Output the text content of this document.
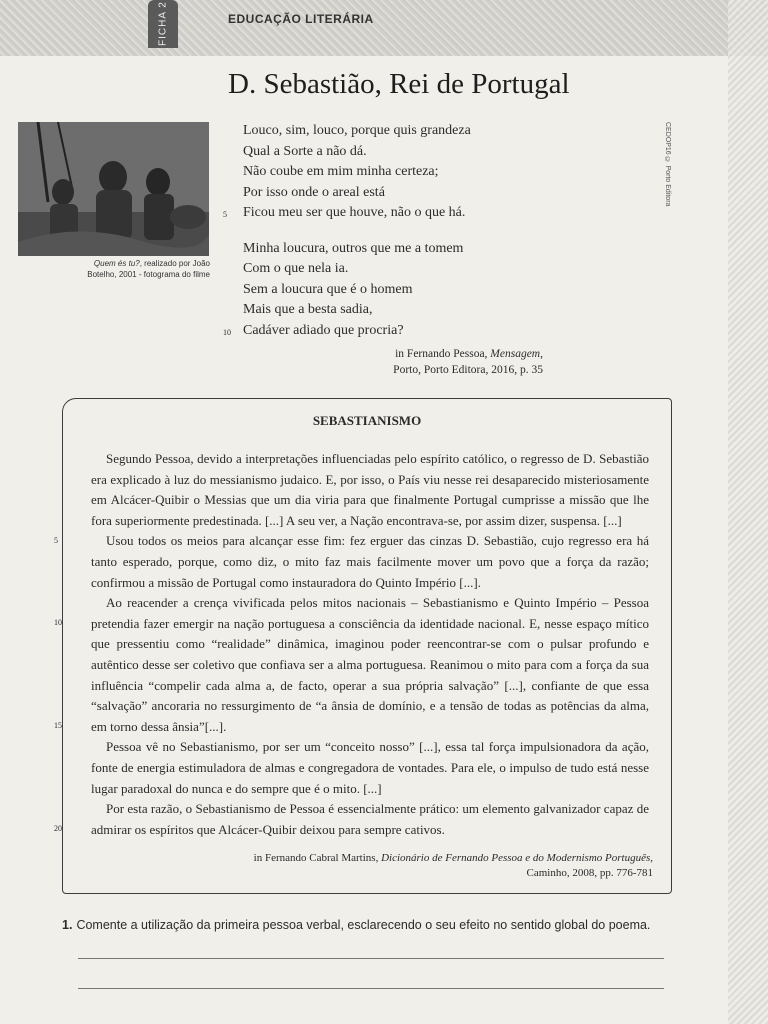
FICHA 2	EDUCAÇÃO LITERÁRIA
D. Sebastião, Rei de Portugal
Quem és tu?, realizado por João Botelho, 2001 - fotograma do filme
CEDOP16 © Porto Editora
Louco, sim, louco, porque quis grandeza
Qual a Sorte a não dá.
Não coube em mim minha certeza;
Por isso onde o areal está
5 Ficou meu ser que houve, não o que há.
Minha loucura, outros que me a tomem
Com o que nela ia.
Sem a loucura que é o homem
Mais que a besta sadia,
10 Cadáver adiado que procria?
in Fernando Pessoa, Mensagem,
Porto, Porto Editora, 2016, p. 35
SEBASTIANISMO

5
Segundo Pessoa, devido a interpretações influenciadas pelo espírito católico, o regresso de D. Sebastião era explicado à luz do messianismo judaico. E, por isso, o País viu nesse rei desaparecido misteriosamente em Alcácer-Quibir o Messias que um dia viria para que finalmente Portugal cumprisse a missão que lhe fora superiormente predestinada. [...] A seu ver, a Nação encontrava-se, por assim dizer, suspensa. [...]

Usou todos os meios para alcançar esse fim: fez erguer das cinzas D. Sebastião, cujo regresso era há tanto esperado, porque, como diz, o mito faz mais facilmente mover um povo que a força da razão; confirmou a missão de Portugal como instauradora do Quinto Império [...].

10
15
Ao reacender a crença vivificada pelos mitos nacionais – Sebastianismo e Quinto Império – Pessoa pretendia fazer emergir na nação portuguesa a consciência da identidade nacional. E, nesse espaço mítico que pressentiu como “realidade” dinâmica, imaginou poder reencontrar-se com o pulsar profundo e autêntico desse ser coletivo que confiava ser a alma portuguesa. Reanimou o mito para com a força da sua influência “compelir cada alma a, de facto, operar a sua própria salvação” [...], confiante de que essa “salvação” ancoraria no ressurgimento de “a ânsia de domínio, e a tensão de todas as potências da alma, em torno dessa ânsia”[...].

Pessoa vê no Sebastianismo, por ser um “conceito nosso” [...], essa tal força impulsionadora da ação, fonte de energia estimuladora de almas e congregadora de vontades. Para ele, o impulso de tudo está nesse lugar paradoxal do nunca e do sempre que é o mito. [...]

20
Por esta razão, o Sebastianismo de Pessoa é essencialmente prático: um elemento galvanizador capaz de admirar os espíritos que Alcácer-Quibir deixou para sempre cativos.

in Fernando Cabral Martins, Dicionário de Fernando Pessoa e do Modernismo Português,
Caminho, 2008, pp. 776-781
1. Comente a utilização da primeira pessoa verbal, esclarecendo o seu efeito no sentido global do poema.
